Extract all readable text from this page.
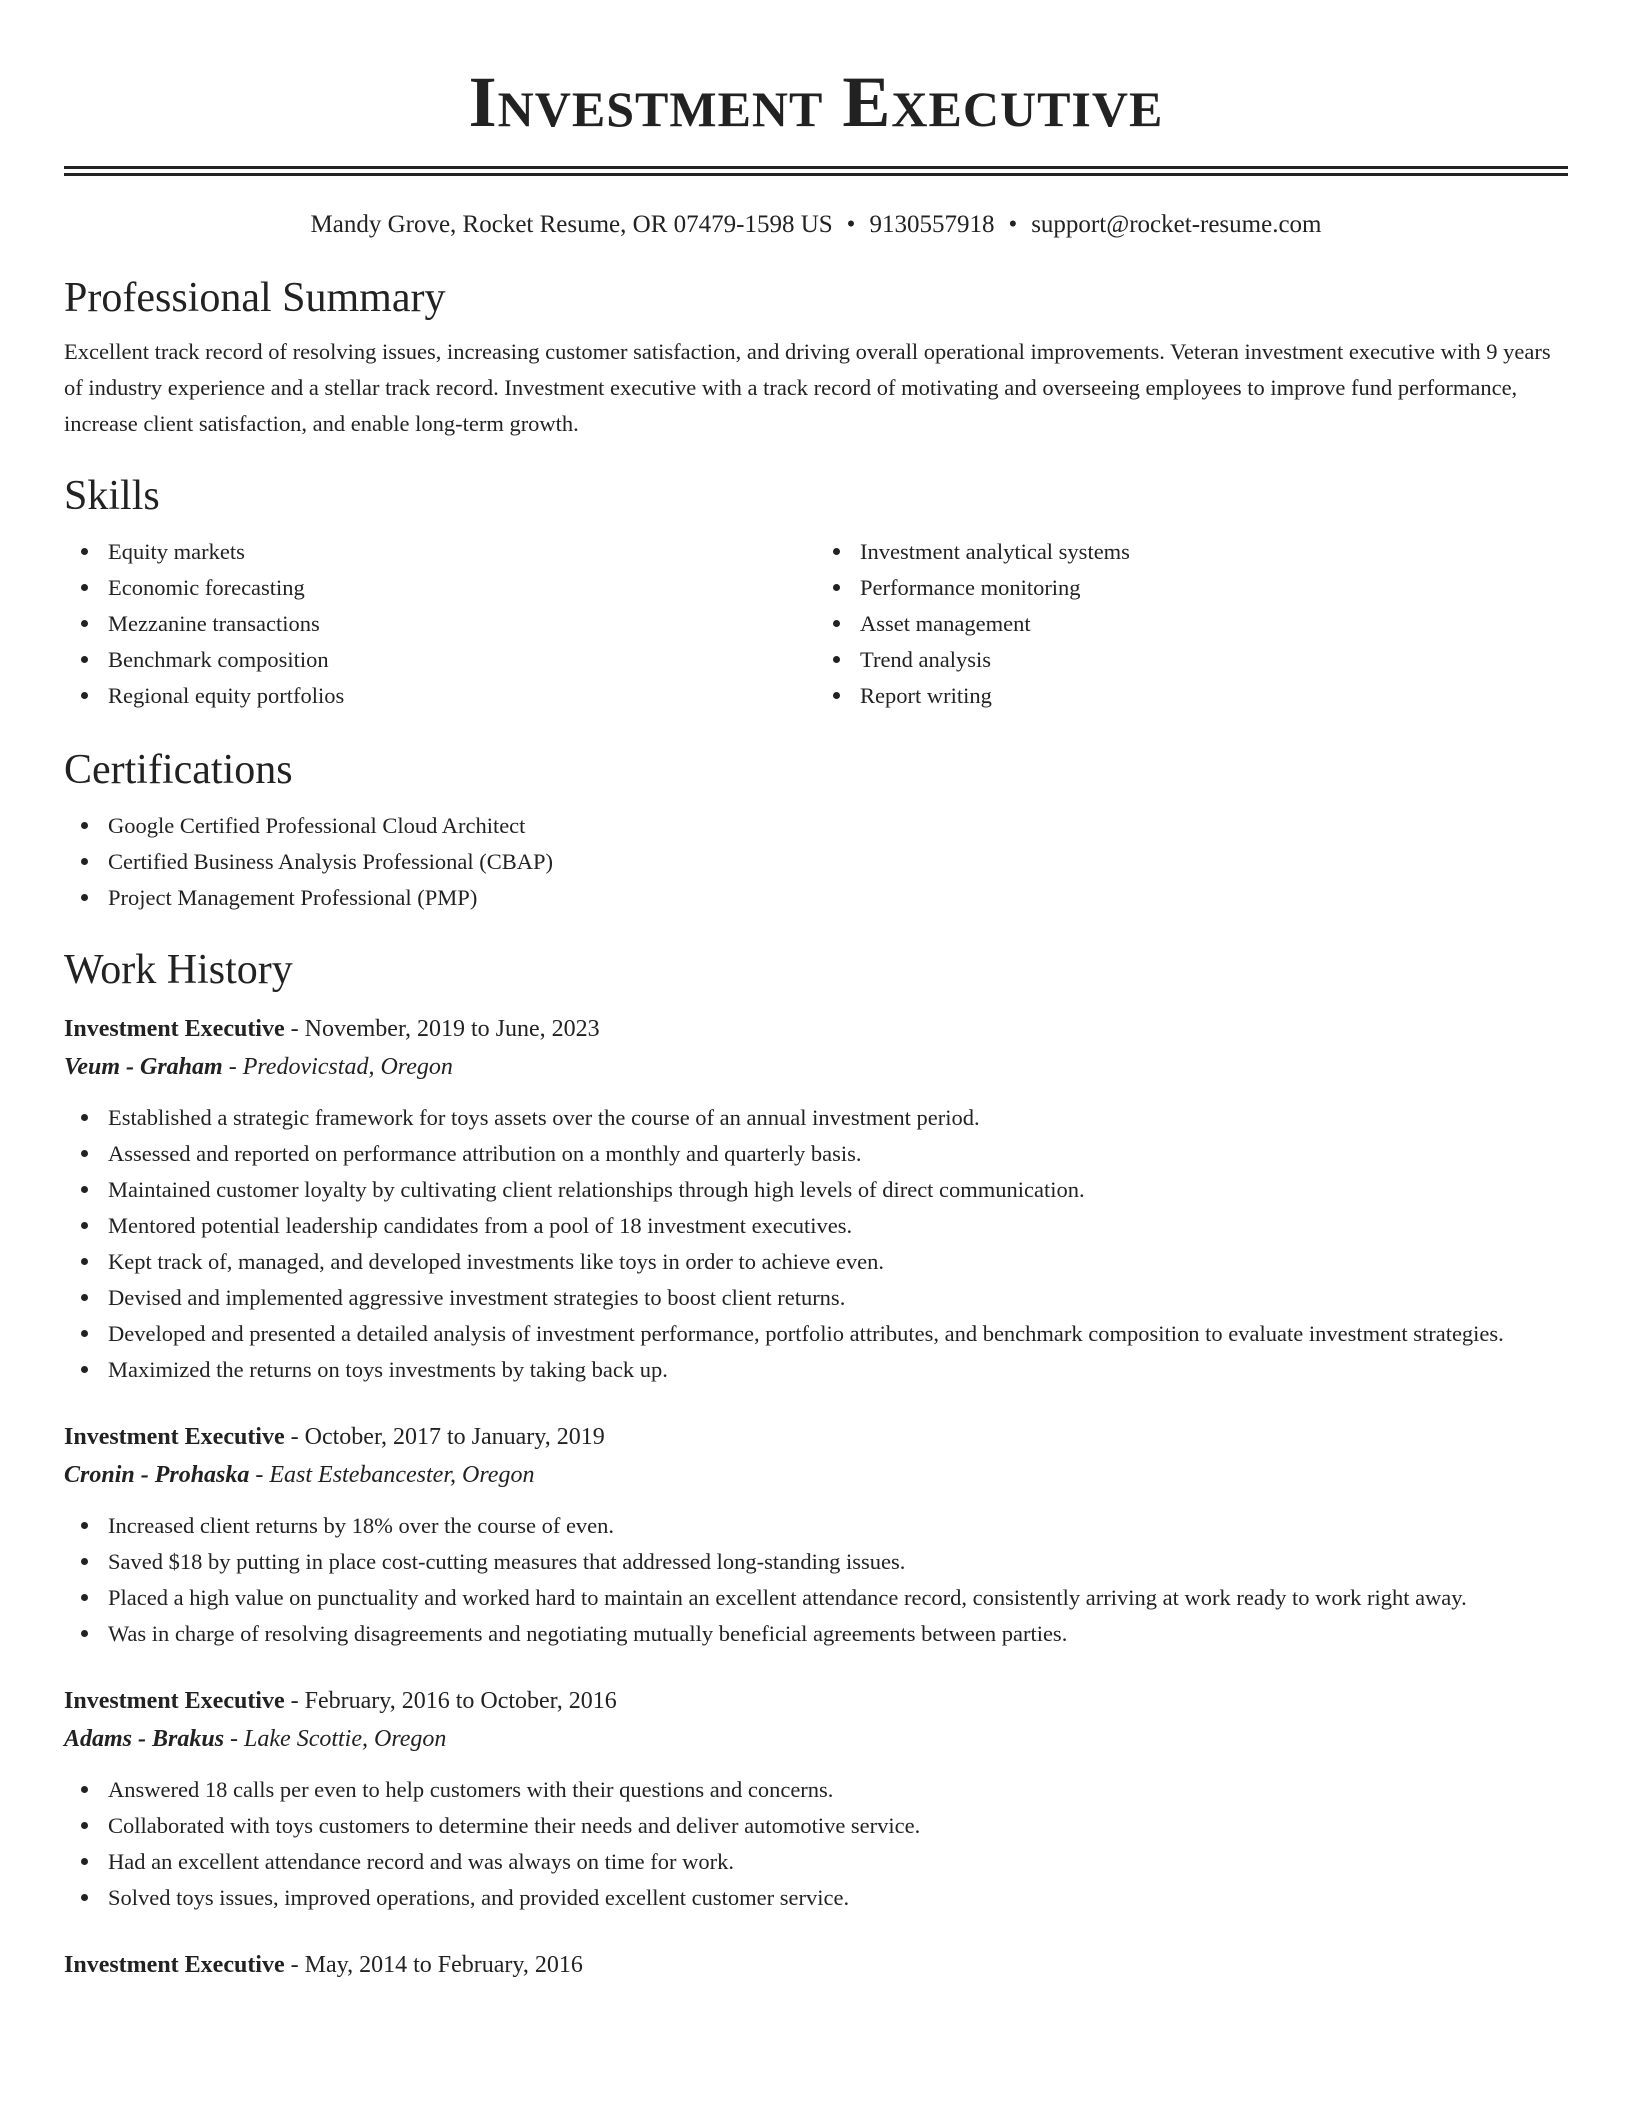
Investment Executive
Mandy Grove, Rocket Resume, OR 07479-1598 US • 9130557918 • support@rocket-resume.com
Professional Summary

Excellent track record of resolving issues, increasing customer satisfaction, and driving overall operational improvements. Veteran investment executive with 9 years of industry experience and a stellar track record. Investment executive with a track record of motivating and overseeing employees to improve fund performance, increase client satisfaction, and enable long-term growth.

Skills
Equity markets
Economic forecasting
Mezzanine transactions
Benchmark composition
Regional equity portfolios
Investment analytical systems
Performance monitoring
Asset management
Trend analysis
Report writing
Certifications
Google Certified Professional Cloud Architect
Certified Business Analysis Professional (CBAP)
Project Management Professional (PMP)
Work History
Investment Executive - November, 2019 to June, 2023
Veum - Graham - Predovicstad, Oregon
Established a strategic framework for toys assets over the course of an annual investment period.
Assessed and reported on performance attribution on a monthly and quarterly basis.
Maintained customer loyalty by cultivating client relationships through high levels of direct communication.
Mentored potential leadership candidates from a pool of 18 investment executives.
Kept track of, managed, and developed investments like toys in order to achieve even.
Devised and implemented aggressive investment strategies to boost client returns.
Developed and presented a detailed analysis of investment performance, portfolio attributes, and benchmark composition to evaluate investment strategies.
Maximized the returns on toys investments by taking back up.
Investment Executive - October, 2017 to January, 2019
Cronin - Prohaska - East Estebancester, Oregon
Increased client returns by 18% over the course of even.
Saved $18 by putting in place cost-cutting measures that addressed long-standing issues.
Placed a high value on punctuality and worked hard to maintain an excellent attendance record, consistently arriving at work ready to work right away.
Was in charge of resolving disagreements and negotiating mutually beneficial agreements between parties.
Investment Executive - February, 2016 to October, 2016
Adams - Brakus - Lake Scottie, Oregon
Answered 18 calls per even to help customers with their questions and concerns.
Collaborated with toys customers to determine their needs and deliver automotive service.
Had an excellent attendance record and was always on time for work.
Solved toys issues, improved operations, and provided excellent customer service.
Investment Executive - May, 2014 to February, 2016
